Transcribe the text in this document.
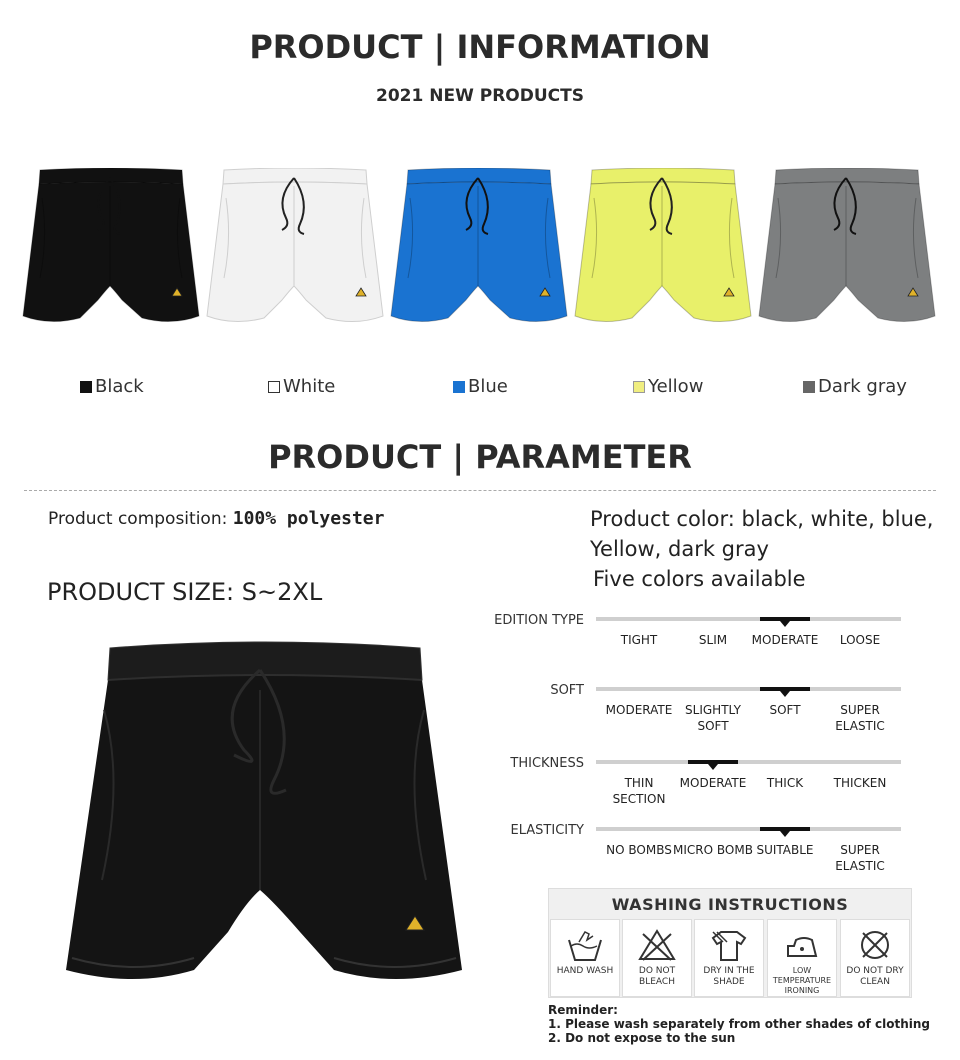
PRODUCT | INFORMATION
2021 NEW PRODUCTS
Black	White	Blue	Yellow	Dark gray
PRODUCT | PARAMETER
Product composition: 100% polyester
PRODUCT SIZE: S~2XL
Product color: black, white, blue, Yellow, dark gray
Five colors available
EDITION TYPE
TIGHT	SLIM	MODERATE	LOOSE
SOFT
MODERATE	SLIGHTLY SOFT
SOFT	SUPER ELASTIC
THICKNESS
THIN SECTION
MODERATE	THICK	THICKEN
ELASTICITY
NO BOMBS MICRO BOMB SUITABLE	SUPER ELASTIC
WASHING INSTRUCTIONS
HAND WASH	DO NOT BLEACH
DRY IN THE SHADE
LOW TEMPERATURE IRONING
DO NOT DRY CLEAN
Reminder:
1. Please wash separately from other shades of clothing
2. Do not expose to the sun
